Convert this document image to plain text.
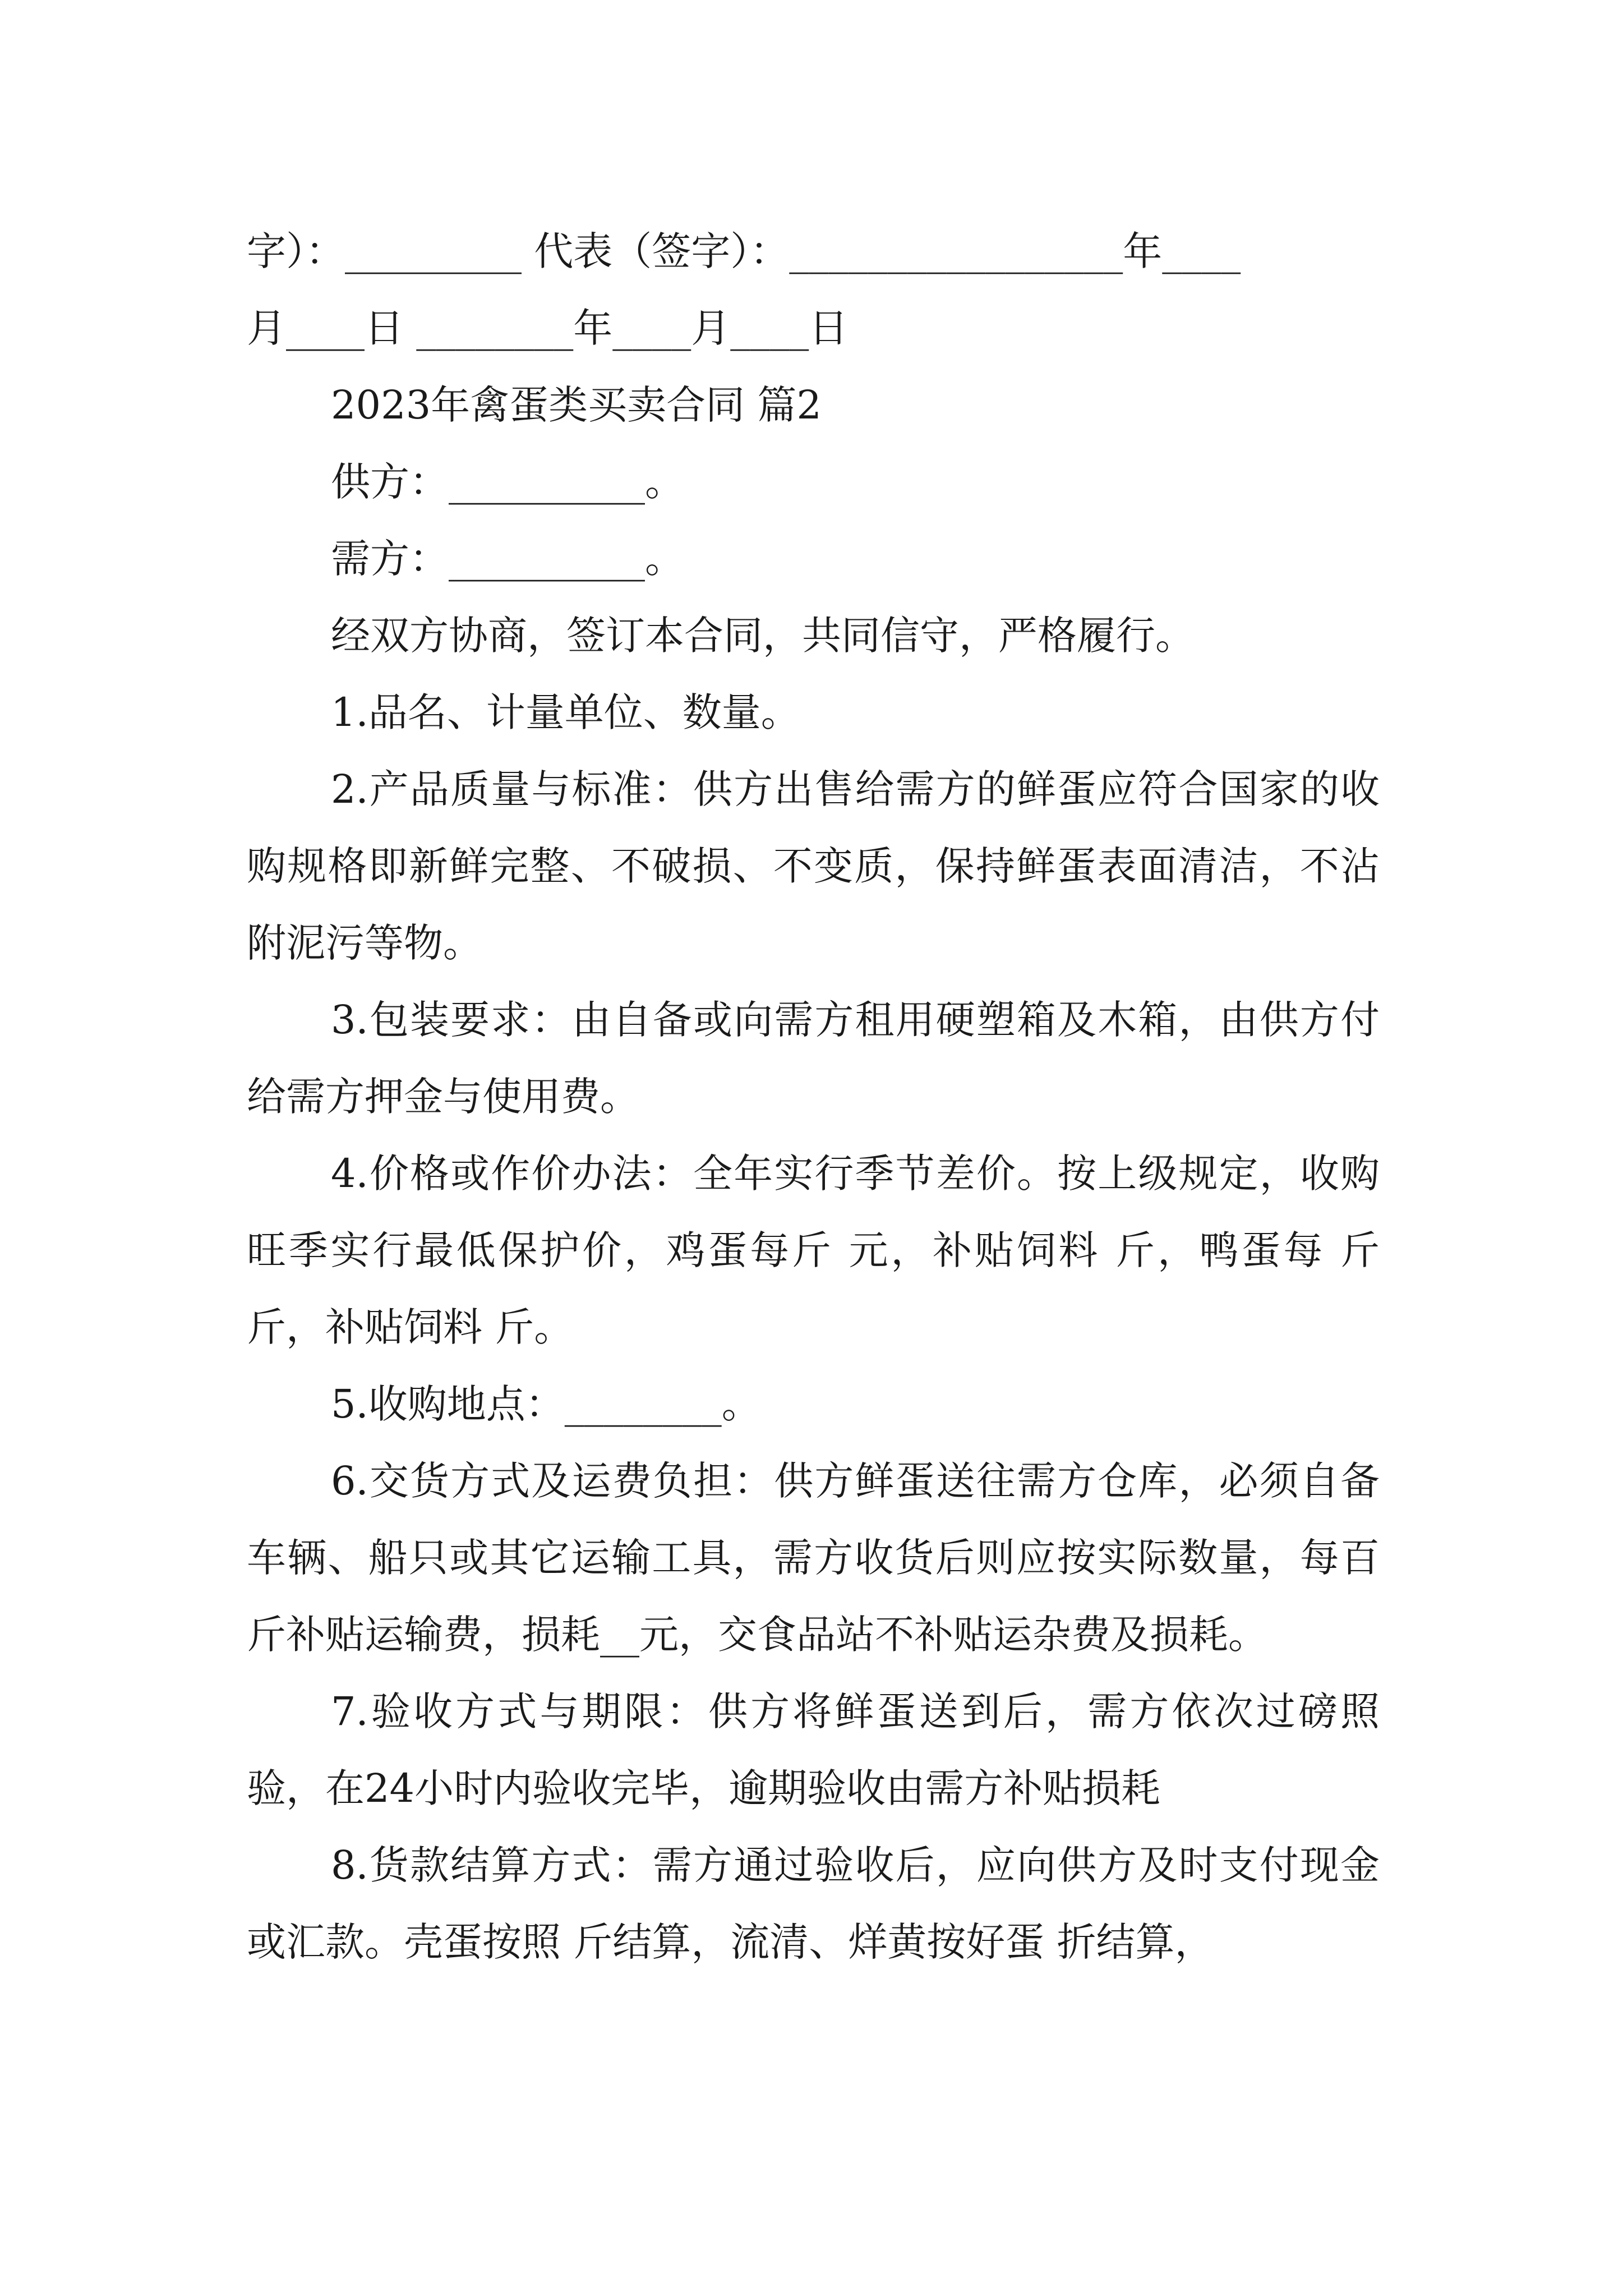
字）：_________ 代表（签字）：_________________年____
月____日 ________年____月____日
2023年禽蛋类买卖合同 篇2
供方：__________。
需方：__________。
经双方协商，签订本合同，共同信守，严格履行。
1.品名、计量单位、数量。
2.产品质量与标准：供方出售给需方的鲜蛋应符合国家的收购规格即新鲜完整、不破损、不变质，保持鲜蛋表面清洁，不沾附泥污等物。
3.包装要求：由自备或向需方租用硬塑箱及木箱，由供方付给需方押金与使用费。
4.价格或作价办法：全年实行季节差价。按上级规定，收购旺季实行最低保护价，鸡蛋每斤 元，补贴饲料 斤，鸭蛋每 斤斤，补贴饲料 斤。
5.收购地点：________。
6.交货方式及运费负担：供方鲜蛋送往需方仓库，必须自备车辆、船只或其它运输工具，需方收货后则应按实际数量，每百斤补贴运输费，损耗__元，交食品站不补贴运杂费及损耗。
7.验收方式与期限：供方将鲜蛋送到后，需方依次过磅照验，在24小时内验收完毕，逾期验收由需方补贴损耗
8.货款结算方式：需方通过验收后，应向供方及时支付现金或汇款。壳蛋按照 斤结算，流清、烊黄按好蛋 折结算，
